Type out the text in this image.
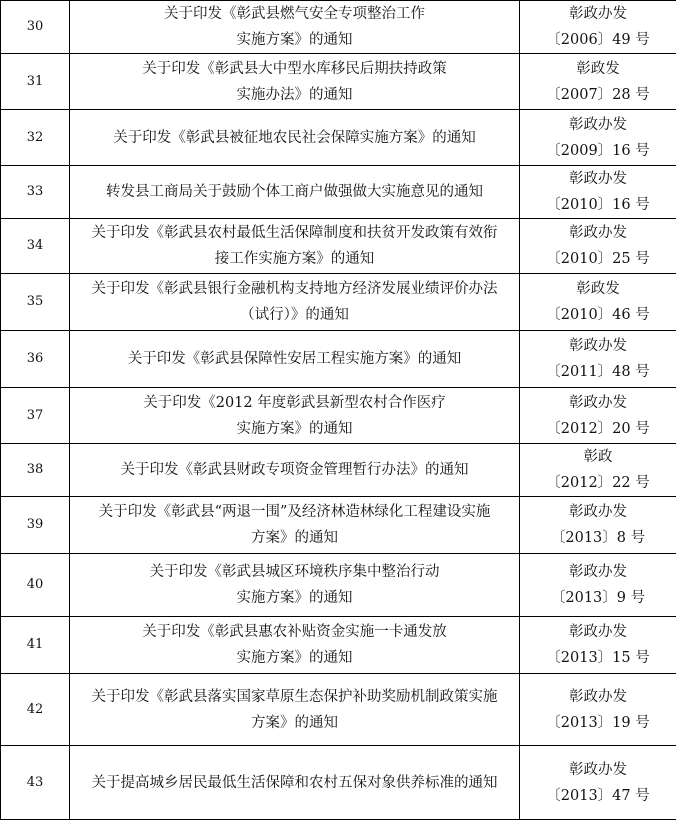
30	关于印发《彰武县燃气安全专项整治工作
实施方案》的通知	彰政办发
〔2006〕49 号

31	关于印发《彰武县大中型水库移民后期扶持政策
实施办法》的通知	彰政发
〔2007〕28 号

32	关于印发《彰武县被征地农民社会保障实施方案》的通知	彰政办发
〔2009〕16 号

33	转发县工商局关于鼓励个体工商户做强做大实施意见的通知	彰政办发
〔2010〕16 号

34	关于印发《彰武县农村最低生活保障制度和扶贫开发政策有效衔
接工作实施方案》的通知	彰政办发
〔2010〕25 号

35	关于印发《彰武县银行金融机构支持地方经济发展业绩评价办法
（试行）》的通知	彰政发
〔2010〕46 号

36	关于印发《彰武县保障性安居工程实施方案》的通知	彰政办发
〔2011〕48 号

37	关于印发《2012 年度彰武县新型农村合作医疗
实施方案》的通知	彰政办发
〔2012〕20 号

38	关于印发《彰武县财政专项资金管理暂行办法》的通知	彰政
〔2012〕22 号

39	关于印发《彰武县“两退一围”及经济林造林绿化工程建设实施
方案》的通知	彰政办发
〔2013〕8 号

40	关于印发《彰武县城区环境秩序集中整治行动
实施方案》的通知	彰政办发
〔2013〕9 号

41	关于印发《彰武县惠农补贴资金实施一卡通发放
实施方案》的通知	彰政办发
〔2013〕15 号

42	关于印发《彰武县落实国家草原生态保护补助奖励机制政策实施
方案》的通知	彰政办发
〔2013〕19 号

43	关于提高城乡居民最低生活保障和农村五保对象供养标准的通知	彰政办发
〔2013〕47 号
